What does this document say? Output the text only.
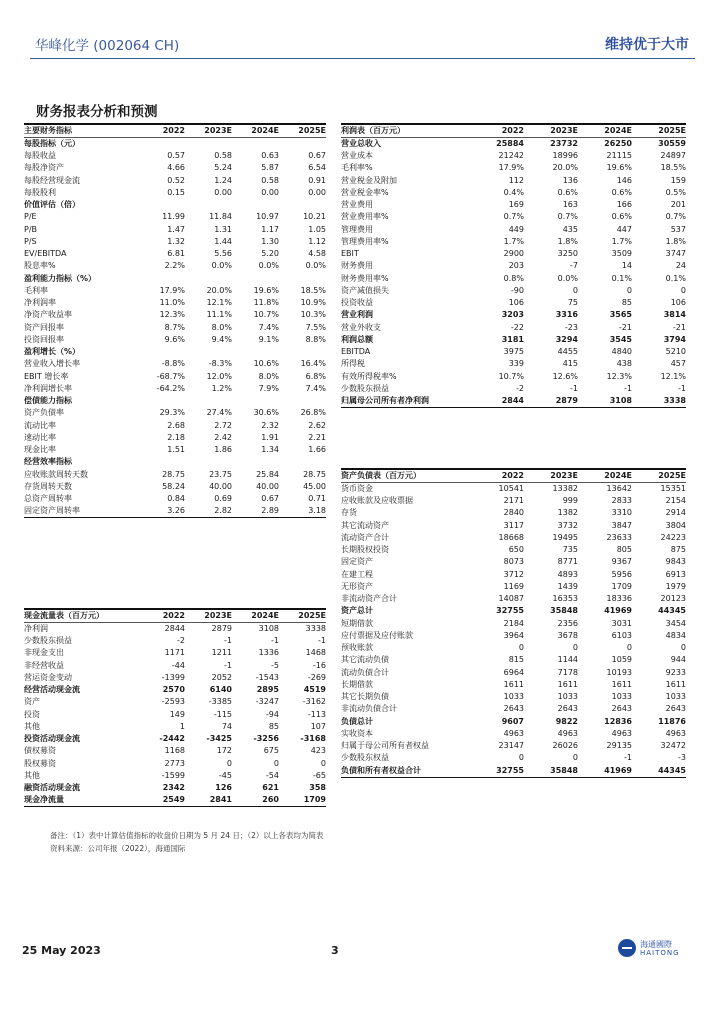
华峰化学 (002064 CH)	维持优于大市
财务报表分析和预测
主要财务指标	2022	2023E	2024E	2025E
每股指标（元）				
每股收益	0.57	0.58	0.63	0.67
每股净资产	4.66	5.24	5.87	6.54
每股经营现金流	0.52	1.24	0.58	0.91
每股股利	0.15	0.00	0.00	0.00
价值评估（倍）				
P/E	11.99	11.84	10.97	10.21
P/B	1.47	1.31	1.17	1.05
P/S	1.32	1.44	1.30	1.12
EV/EBITDA	6.81	5.56	5.20	4.58
股息率%	2.2%	0.0%	0.0%	0.0%
盈利能力指标（%）				
毛利率	17.9%	20.0%	19.6%	18.5%
净利润率	11.0%	12.1%	11.8%	10.9%
净资产收益率	12.3%	11.1%	10.7%	10.3%
资产回报率	8.7%	8.0%	7.4%	7.5%
投资回报率	9.6%	9.4%	9.1%	8.8%
盈利增长（%）				
营业收入增长率	-8.8%	-8.3%	10.6%	16.4%
EBIT 增长率	-68.7%	12.0%	8.0%	6.8%
净利润增长率	-64.2%	1.2%	7.9%	7.4%
偿债能力指标				
资产负债率	29.3%	27.4%	30.6%	26.8%
流动比率	2.68	2.72	2.32	2.62
速动比率	2.18	2.42	1.91	2.21
现金比率	1.51	1.86	1.34	1.66
经营效率指标				
应收账款周转天数	28.75	23.75	25.84	28.75
存货周转天数	58.24	40.00	40.00	45.00
总资产周转率	0.84	0.69	0.67	0.71
固定资产周转率	3.26	2.82	2.89	3.18
利润表（百万元）	2022	2023E	2024E	2025E
营业总收入	25884	23732	26250	30559
营业成本	21242	18996	21115	24897
毛利率%	17.9%	20.0%	19.6%	18.5%
营业税金及附加	112	136	146	159
营业税金率%	0.4%	0.6%	0.6%	0.5%
营业费用	169	163	166	201
营业费用率%	0.7%	0.7%	0.6%	0.7%
管理费用	449	435	447	537
管理费用率%	1.7%	1.8%	1.7%	1.8%
EBIT	2900	3250	3509	3747
财务费用	203	-7	14	24
财务费用率%	0.8%	0.0%	0.1%	0.1%
资产减值损失	-90	0	0	0
投资收益	106	75	85	106
营业利润	3203	3316	3565	3814
营业外收支	-22	-23	-21	-21
利润总额	3181	3294	3545	3794
EBITDA	3975	4455	4840	5210
所得税	339	415	438	457
有效所得税率%	10.7%	12.6%	12.3%	12.1%
少数股东损益	-2	-1	-1	-1
归属母公司所有者净利润	2844	2879	3108	3338
资产负债表（百万元）	2022	2023E	2024E	2025E
货币资金	10541	13382	13642	15351
应收账款及应收票据	2171	999	2833	2154
存货	2840	1382	3310	2914
其它流动资产	3117	3732	3847	3804
流动资产合计	18668	19495	23633	24223
长期股权投资	650	735	805	875
固定资产	8073	8771	9367	9843
在建工程	3712	4893	5956	6913
无形资产	1169	1439	1709	1979
非流动资产合计	14087	16353	18336	20123
资产总计	32755	35848	41969	44345
短期借款	2184	2356	3031	3454
应付票据及应付账款	3964	3678	6103	4834
预收账款	0	0	0	0
其它流动负债	815	1144	1059	944
流动负债合计	6964	7178	10193	9233
长期借款	1611	1611	1611	1611
其它长期负债	1033	1033	1033	1033
非流动负债合计	2643	2643	2643	2643
负债总计	9607	9822	12836	11876
实收资本	4963	4963	4963	4963
归属于母公司所有者权益	23147	26026	29135	32472
少数股东权益	0	0	-1	-3
负债和所有者权益合计	32755	35848	41969	44345
现金流量表（百万元）	2022	2023E	2024E	2025E
净利润	2844	2879	3108	3338
少数股东损益	-2	-1	-1	-1
非现金支出	1171	1211	1336	1468
非经营收益	-44	-1	-5	-16
营运资金变动	-1399	2052	-1543	-269
经营活动现金流	2570	6140	2895	4519
资产	-2593	-3385	-3247	-3162
投资	149	-115	-94	-113
其他	1	74	85	107
投资活动现金流	-2442	-3425	-3256	-3168
债权募资	1168	172	675	423
股权募资	2773	0	0	0
其他	-1599	-45	-54	-65
融资活动现金流	2342	126	621	358
现金净流量	2549	2841	260	1709
备注：（1）表中计算估值指标的收盘价日期为 5 月 24 日；（2）以上各表均为简表
资料来源：公司年报（2022），海通国际
25 May 2023	3	海通國際
HAITONG
